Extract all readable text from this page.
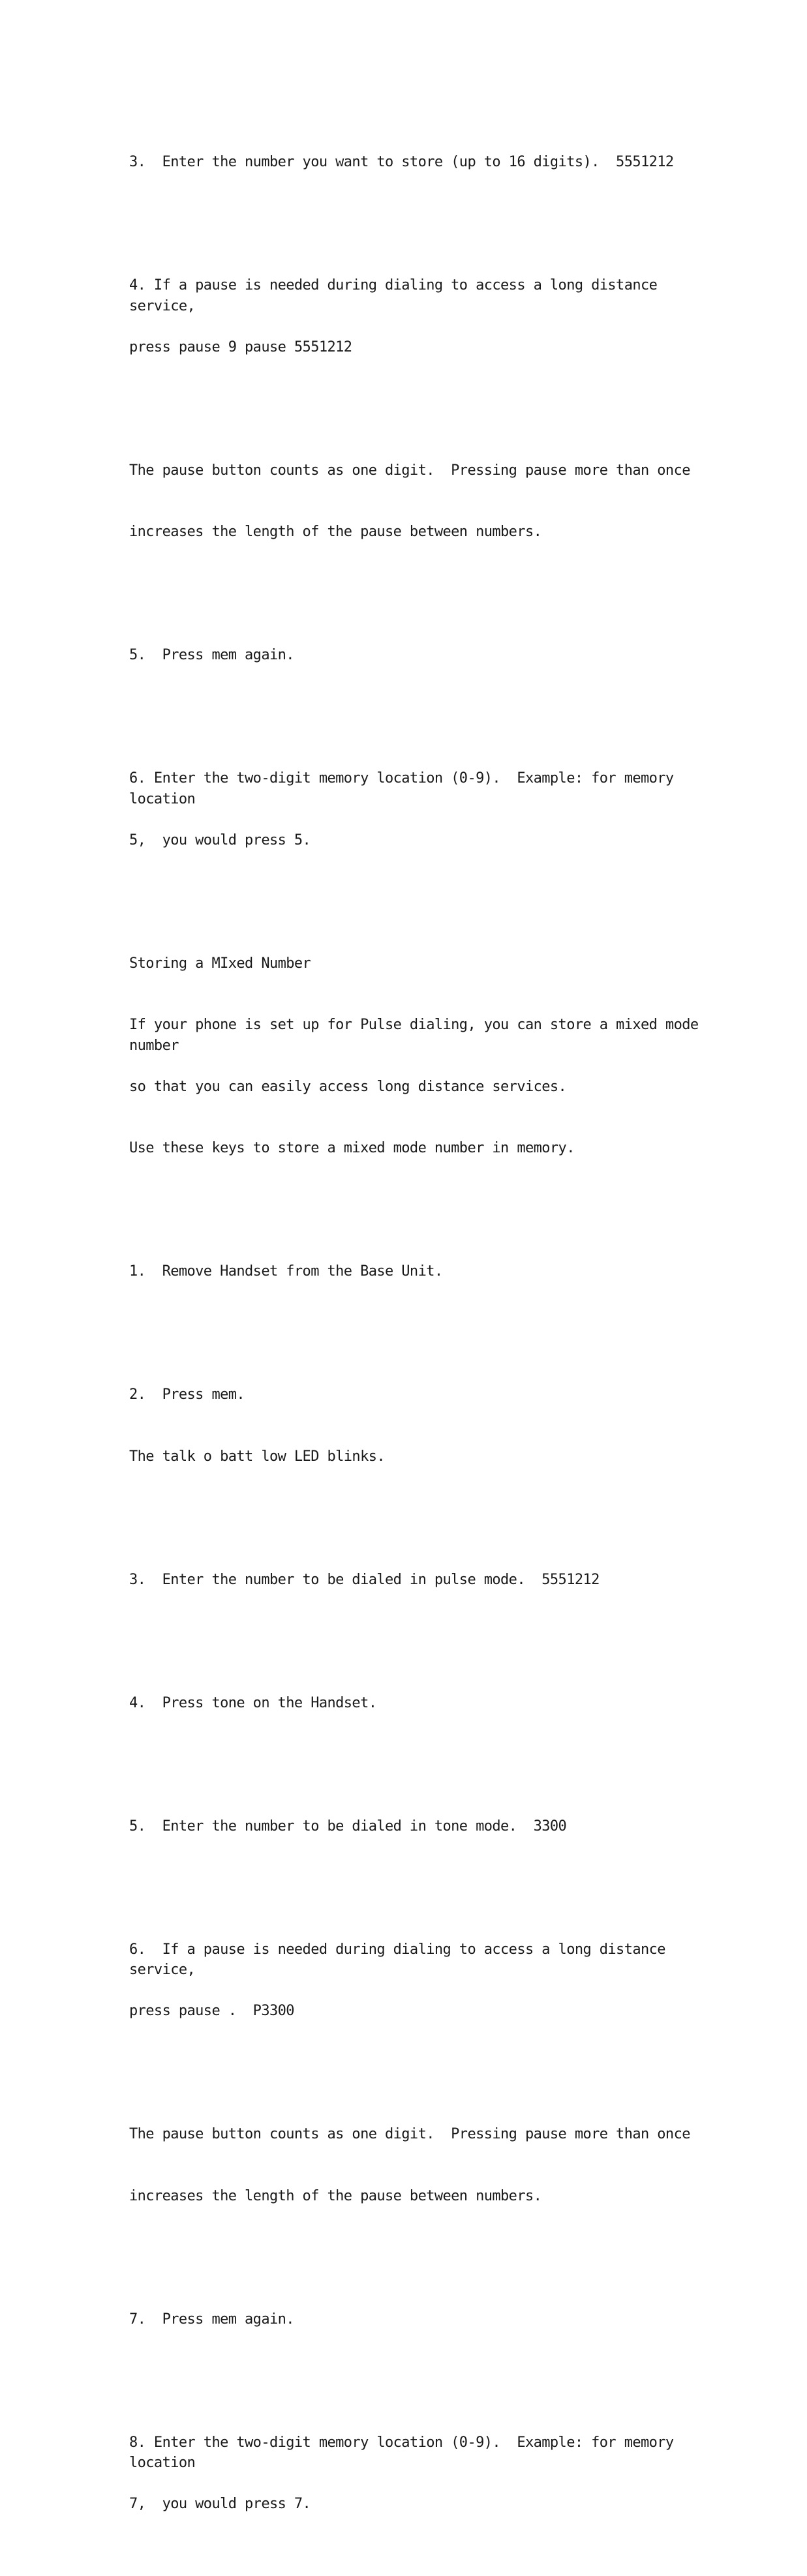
3.  Enter the number you want to store (up to 16 digits).  5551212

4. If a pause is needed during dialing to access a long distance service,

press pause 9 pause 5551212

The pause button counts as one digit.  Pressing pause more than once

increases the length of the pause between numbers.

5.  Press mem again.

6. Enter the two-digit memory location (0-9).  Example: for memory location

5,  you would press 5.

Storing a MIxed Number

If your phone is set up for Pulse dialing, you can store a mixed mode number

so that you can easily access long distance services.

Use these keys to store a mixed mode number in memory.

1.  Remove Handset from the Base Unit.

2.  Press mem.

The talk o batt low LED blinks.

3.  Enter the number to be dialed in pulse mode.  5551212

4.  Press tone on the Handset.

5.  Enter the number to be dialed in tone mode.  3300

6.  If a pause is needed during dialing to access a long distance service,

press pause .  P3300

The pause button counts as one digit.  Pressing pause more than once

increases the length of the pause between numbers.

7.  Press mem again.

8. Enter the two-digit memory location (0-9).  Example: for memory location

7,  you would press 7.
